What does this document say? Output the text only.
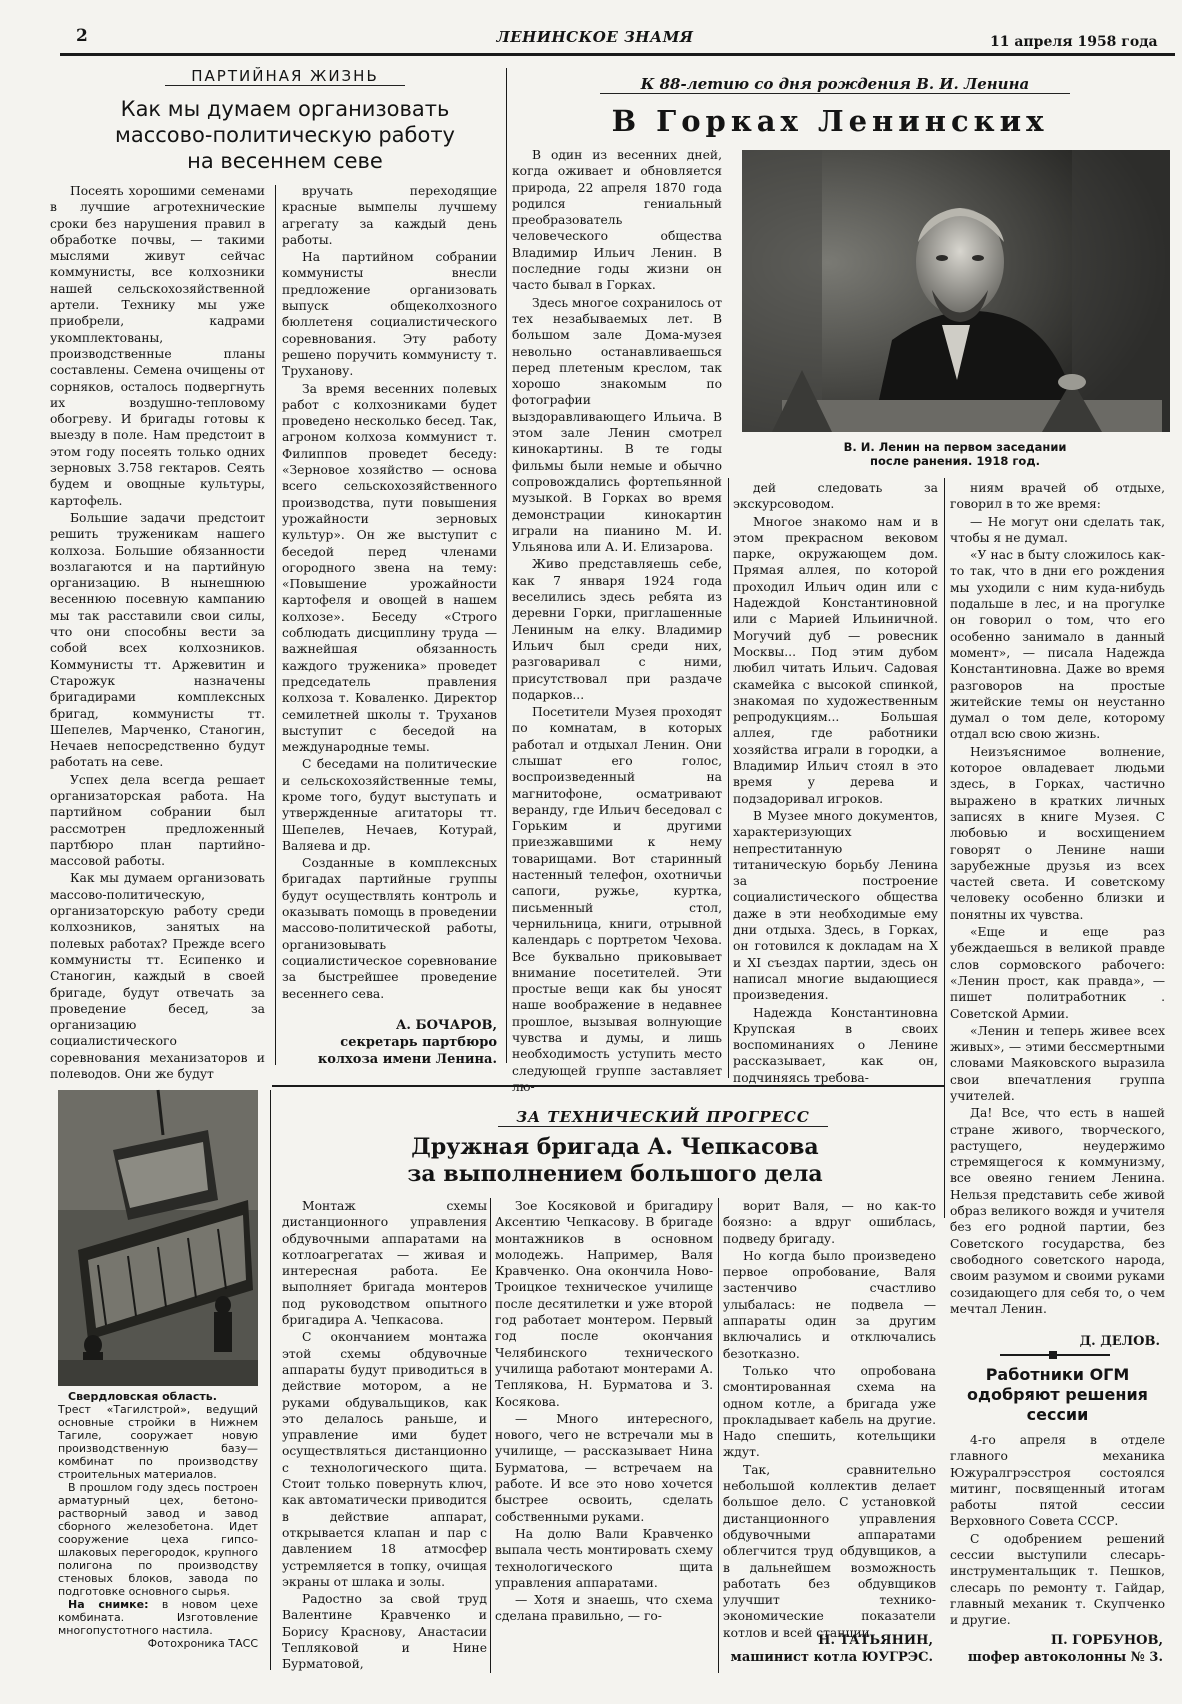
2	ЛЕНИНСКОЕ ЗНАМЯ	11 апреля 1958 года
ПАРТИЙНАЯ ЖИЗНЬ
Как мы думаем организовать
массово-политическую работу
на весеннем севе

Посеять хорошими семенами в лучшие агротехнические сроки без нарушения правил в обработке почвы, — такими мыслями живут сейчас коммунисты, все колхозники нашей сельскохозяйственной артели. Технику мы уже приобрели, кадрами укомплектованы, производственные планы составлены. Семена очищены от сорняков, осталось подвергнуть их воздушно-тепловому обогреву. И бригады готовы к выезду в поле. Нам предстоит в этом году посеять только одних зерновых 3.758 гектаров. Сеять будем и овощные культуры, картофель.

Большие задачи предстоит решить труженикам нашего колхоза. Большие обязанности возлагаются и на партийную организацию. В нынешнюю весеннюю посевную кампанию мы так расставили свои силы, что они способны вести за собой всех колхозников. Коммунисты тт. Аржевитин и Старожук назначены бригадирами комплексных бригад, коммунисты тт. Шепелев, Марченко, Станогин, Нечаев непосредственно будут работать на севе.

Успех дела всегда решает организаторская работа. На партийном собрании был рассмотрен предложенный партбюро план партийно-массовой работы.

Как мы думаем организовать массово-политическую, организаторскую работу среди колхозников, занятых на полевых работах? Прежде всего коммунисты тт. Есипенко и Станогин, каждый в своей бригаде, будут отвечать за проведение бесед, за организацию социалистического соревнования механизаторов и полеводов. Они же будут

вручать переходящие красные вымпелы лучшему агрегату за каждый день работы.

На партийном собрании коммунисты внесли предложение организовать выпуск общеколхозного бюллетеня социалистического соревнования. Эту работу решено поручить коммунисту т. Труханову.

За время весенних полевых работ с колхозниками будет проведено несколько бесед. Так, агроном колхоза коммунист т. Филиппов проведет беседу: «Зерновое хозяйство — основа всего сельскохозяйственного производства, пути повышения урожайности зерновых культур». Он же выступит с беседой перед членами огородного звена на тему: «Повышение урожайности картофеля и овощей в нашем колхозе». Беседу «Строго соблюдать дисциплину труда — важнейшая обязанность каждого труженика» проведет председатель правления колхоза т. Коваленко. Директор семилетней школы т. Труханов выступит с беседой на международные темы.

С беседами на политические и сельскохозяйственные темы, кроме того, будут выступать и утвержденные агитаторы тт. Шепелев, Нечаев, Котурай, Валяева и др.

Созданные в комплексных бригадах партийные группы будут осуществлять контроль и оказывать помощь в проведении массово-политической работы, организовывать социалистическое соревнование за быстрейшее проведение весеннего сева.

А. БОЧАРОВ,
секретарь партбюро
колхоза имени Ленина.
К 88-летию со дня рождения В. И. Ленина
В Горках Ленинских
В. И. Ленин на первом заседании
после ранения. 1918 год.

В один из весенних дней, когда оживает и обновляется природа, 22 апреля 1870 года родился гениальный преобразователь человеческого общества Владимир Ильич Ленин. В последние годы жизни он часто бывал в Горках.

Здесь многое сохранилось от тех незабываемых лет. В большом зале Дома-музея невольно останавливаешься перед плетеным креслом, так хорошо знакомым по фотографии выздоравливающего Ильича. В этом зале Ленин смотрел кинокартины. В те годы фильмы были немые и обычно сопровождались фортепьянной музыкой. В Горках во время демонстрации кинокартин играли на пианино М. И. Ульянова или А. И. Елизарова.

Живо представляешь себе, как 7 января 1924 года веселились здесь ребята из деревни Горки, приглашенные Лениным на елку. Владимир Ильич был среди них, разговаривал с ними, присутствовал при раздаче подарков...

Посетители Музея проходят по комнатам, в которых работал и отдыхал Ленин. Они слышат его голос, воспроизведенный на магнитофоне, осматривают веранду, где Ильич беседовал с Горьким и другими приезжавшими к нему товарищами. Вот старинный настенный телефон, охотничьи сапоги, ружье, куртка, письменный стол, чернильница, книги, отрывной календарь с портретом Чехова. Все буквально приковывает внимание посетителей. Эти простые вещи как бы уносят наше воображение в недавнее прошлое, вызывая волнующие чувства и думы, и лишь необходимость уступить место следующей группе заставляет лю-

дей следовать за экскурсоводом.

Многое знакомо нам и в этом прекрасном вековом парке, окружающем дом. Прямая аллея, по которой проходил Ильич один или с Надеждой Константиновной или с Марией Ильиничной. Могучий дуб — ровесник Москвы... Под этим дубом любил читать Ильич. Садовая скамейка с высокой спинкой, знакомая по художественным репродукциям... Большая аллея, где работники хозяйства играли в городки, а Владимир Ильич стоял в это время у дерева и подзадоривал игроков.

В Музее много документов, характеризующих непреститанную титаническую борьбу Ленина за построение социалистического общества даже в эти необходимые ему дни отдыха. Здесь, в Горках, он готовился к докладам на X и XI съездах партии, здесь он написал многие выдающиеся произведения.

Надежда Константиновна Крупская в своих воспоминаниях о Ленине рассказывает, как он, подчиняясь требова-

ниям врачей об отдыхе, говорил в то же время:

— Не могут они сделать так, чтобы я не думал.

«У нас в быту сложилось как-то так, что в дни его рождения мы уходили с ним куда-нибудь подальше в лес, и на прогулке он говорил о том, что его особенно занимало в данный момент», — писала Надежда Константиновна. Даже во время разговоров на простые житейские темы он неустанно думал о том деле, которому отдал всю свою жизнь.

Неизъяснимое волнение, которое овладевает людьми здесь, в Горках, частично выражено в кратких личных записях в книге Музея. С любовью и восхищением говорят о Ленине наши зарубежные друзья из всех частей света. И советскому человеку особенно близки и понятны их чувства.

«Еще и еще раз убеждаешься в великой правде слов сормовского рабочего: «Ленин прост, как правда», — пишет политработник . Советской Армии.

«Ленин и теперь живее всех живых», — этими бессмертными словами Маяковского выразила свои впечатления группа учителей.

Да! Все, что есть в нашей стране живого, творческого, растущего, неудержимо стремящегося к коммунизму, все овеяно гением Ленина. Нельзя представить себе живой образ великого вождя и учителя без его родной партии, без Советского государства, без свободного советского народа, своим разумом и своими руками созидающего для себя то, о чем мечтал Ленин.

Д. ДЕЛОВ.
Свердловская область.
Трест «Тагилстрой», ведущий основные стройки в Нижнем Тагиле, сооружает новую производственную базу—комбинат по производству строительных материалов.
В прошлом году здесь построен арматурный цех, бетоно-растворный завод и завод сборного железобетона. Идет сооружение цеха гипсо-шлаковых перегородок, крупного полигона по производству стеновых блоков, завода по подготовке основного сырья.
На снимке: в новом цехе комбината. Изготовление многопустотного настила.
Фотохроника ТАСС
ЗА ТЕХНИЧЕСКИЙ ПРОГРЕСС
Дружная бригада А. Чепкасова
за выполнением большого дела

Монтаж схемы дистанционного управления обдувочными аппаратами на котлоагрегатах — живая и интересная работа. Ее выполняет бригада монтеров под руководством опытного бригадира А. Чепкасова.

С окончанием монтажа этой схемы обдувочные аппараты будут приводиться в действие мотором, а не руками обдувальщиков, как это делалось раньше, и управление ими будет осуществляться дистанционно с технологического щита. Стоит только повернуть ключ, как автоматически приводится в действие аппарат, открывается клапан и пар с давлением 18 атмосфер устремляется в топку, очищая экраны от шлака и золы.

Радостно за свой труд Валентине Кравченко и Борису Краснову, Анастасии Тепляковой и Нине Бурматовой,

Зое Косяковой и бригадиру Аксентию Чепкасову. В бригаде монтажников в основном молодежь. Например, Валя Кравченко. Она окончила Ново-Троицкое техническое училище после десятилетки и уже второй год работает монтером. Первый год после окончания Челябинского технического училища работают монтерами А. Теплякова, Н. Бурматова и З. Косякова.

— Много интересного, нового, чего не встречали мы в училище, — рассказывает Нина Бурматова, — встречаем на работе. И все это ново хочется быстрее освоить, сделать собственными руками.

На долю Вали Кравченко выпала честь монтировать схему технологического щита управления аппаратами.

— Хотя и знаешь, что схема сделана правильно, — го-

ворит Валя, — но как-то боязно: а вдруг ошиблась, подведу бригаду.

Но когда было произведено первое опробование, Валя застенчиво счастливо улыбалась: не подвела — аппараты один за другим включались и отключались безотказно.

Только что опробована смонтированная схема на одном котле, а бригада уже прокладывает кабель на другие. Надо спешить, котельщики ждут.

Так, сравнительно небольшой коллектив делает большое дело. С установкой дистанционного управления обдувочными аппаратами облегчится труд обдувщиков, а в дальнейшем возможность работать без обдувщиков улучшит технико-экономические показатели котлов и всей станции.

Н. ТАТЬЯНИН,
машинист котла ЮУГРЭС.
Работники ОГМ
одобряют решения
сессии

4-го апреля в отделе главного механика Южуралгрэсстроя состоялся митинг, посвященный итогам работы пятой сессии Верховного Совета СССР.

С одобрением решений сессии выступили слесарь-инструментальщик т. Пешков, слесарь по ремонту т. Гайдар, главный механик т. Скупченко и другие.

П. ГОРБУНОВ,
шофер автоколонны № 3.
